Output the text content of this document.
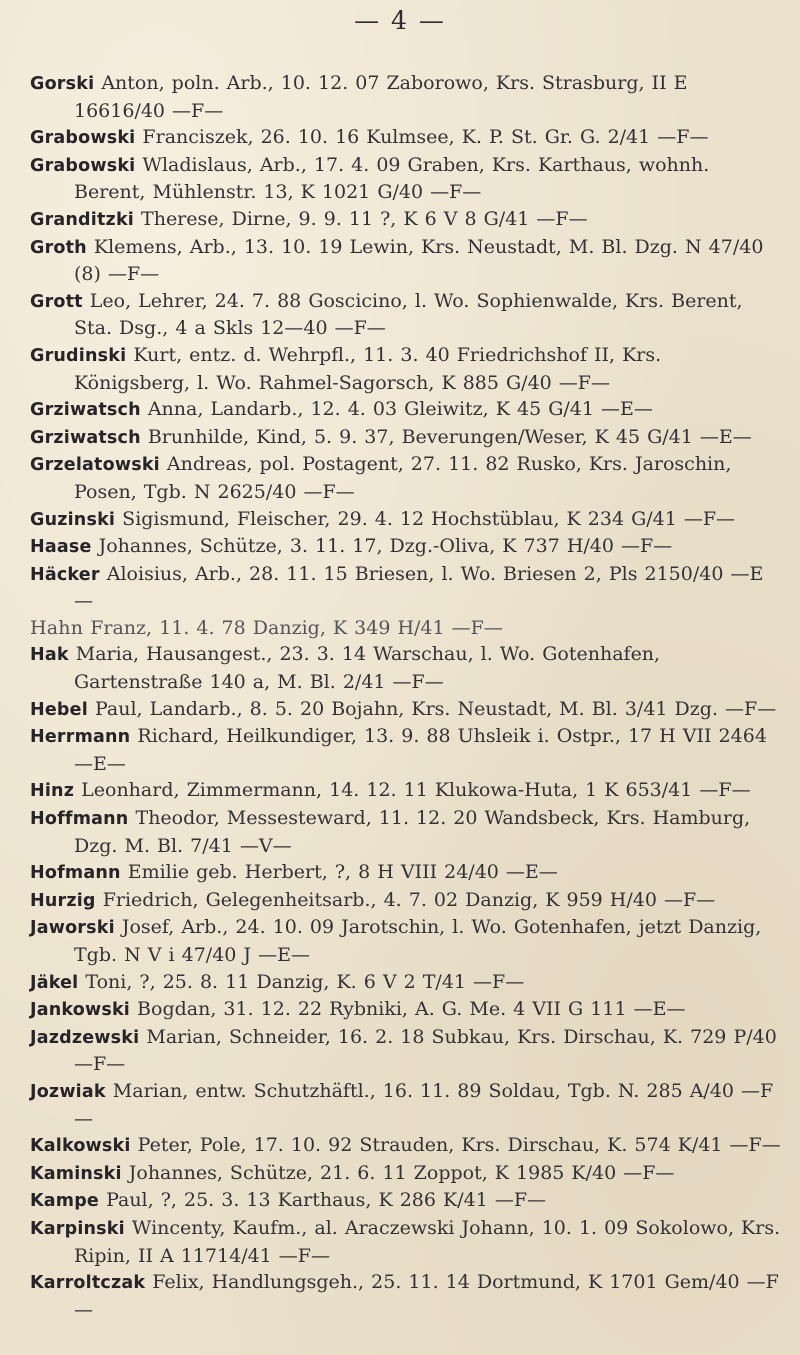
— 4 —
Gorski Anton, poln. Arb., 10. 12. 07 Zaborowo, Krs. Strasburg, II E 16616/40 —F—
Grabowski Franciszek, 26. 10. 16 Kulmsee, K. P. St. Gr. G. 2/41 —F—
Grabowski Wladislaus, Arb., 17. 4. 09 Graben, Krs. Karthaus, wohnh. Berent, Mühlenstr. 13, K 1021 G/40 —F—
Granditzki Therese, Dirne, 9. 9. 11 ?, K 6 V 8 G/41 —F—
Groth Klemens, Arb., 13. 10. 19 Lewin, Krs. Neustadt, M. Bl. Dzg. N 47/40 (8) —F—
Grott Leo, Lehrer, 24. 7. 88 Goscicino, l. Wo. Sophienwalde, Krs. Berent, Sta. Dsg., 4 a Skls 12—40 —F—
Grudinski Kurt, entz. d. Wehrpfl., 11. 3. 40 Friedrichshof II, Krs. Königsberg, l. Wo. Rahmel-Sagorsch, K 885 G/40 —F—
Grziwatsch Anna, Landarb., 12. 4. 03 Gleiwitz, K 45 G/41 —E—
Grziwatsch Brunhilde, Kind, 5. 9. 37, Beverungen/Weser, K 45 G/41 —E—
Grzelatowski Andreas, pol. Postagent, 27. 11. 82 Rusko, Krs. Jaroschin, Posen, Tgb. N 2625/40 —F—
Guzinski Sigismund, Fleischer, 29. 4. 12 Hochstüblau, K 234 G/41 —F—
Haase Johannes, Schütze, 3. 11. 17, Dzg.-Oliva, K 737 H/40 —F—
Häcker Aloisius, Arb., 28. 11. 15 Briesen, l. Wo. Briesen 2, Pls 2150/40 —E—
Hahn Franz, 11. 4. 78 Danzig, K 349 H/41 —F—
Hak Maria, Hausangest., 23. 3. 14 Warschau, l. Wo. Gotenhafen, Gartenstraße 140 a, M. Bl. 2/41 —F—
Hebel Paul, Landarb., 8. 5. 20 Bojahn, Krs. Neustadt, M. Bl. 3/41 Dzg. —F—
Herrmann Richard, Heilkundiger, 13. 9. 88 Uhsleik i. Ostpr., 17 H VII 2464 —E—
Hinz Leonhard, Zimmermann, 14. 12. 11 Klukowa-Huta, 1 K 653/41 —F—
Hoffmann Theodor, Messesteward, 11. 12. 20 Wandsbeck, Krs. Hamburg, Dzg. M. Bl. 7/41 —V—
Hofmann Emilie geb. Herbert, ?, 8 H VIII 24/40 —E—
Hurzig Friedrich, Gelegenheitsarb., 4. 7. 02 Danzig, K 959 H/40 —F—
Jaworski Josef, Arb., 24. 10. 09 Jarotschin, l. Wo. Gotenhafen, jetzt Danzig, Tgb. N V i 47/40 J —E—
Jäkel Toni, ?, 25. 8. 11 Danzig, K. 6 V 2 T/41 —F—
Jankowski Bogdan, 31. 12. 22 Rybniki, A. G. Me. 4 VII G 111 —E—
Jazdzewski Marian, Schneider, 16. 2. 18 Subkau, Krs. Dirschau, K. 729 P/40 —F—
Jozwiak Marian, entw. Schutzhäftl., 16. 11. 89 Soldau, Tgb. N. 285 A/40 —F—
Kalkowski Peter, Pole, 17. 10. 92 Strauden, Krs. Dirschau, K. 574 K/41 —F—
Kaminski Johannes, Schütze, 21. 6. 11 Zoppot, K 1985 K/40 —F—
Kampe Paul, ?, 25. 3. 13 Karthaus, K 286 K/41 —F—
Karpinski Wincenty, Kaufm., al. Araczewski Johann, 10. 1. 09 Sokolowo, Krs. Ripin, II A 11714/41 —F—
Karroltczak Felix, Handlungsgeh., 25. 11. 14 Dortmund, K 1701 Gem/40 —F—
